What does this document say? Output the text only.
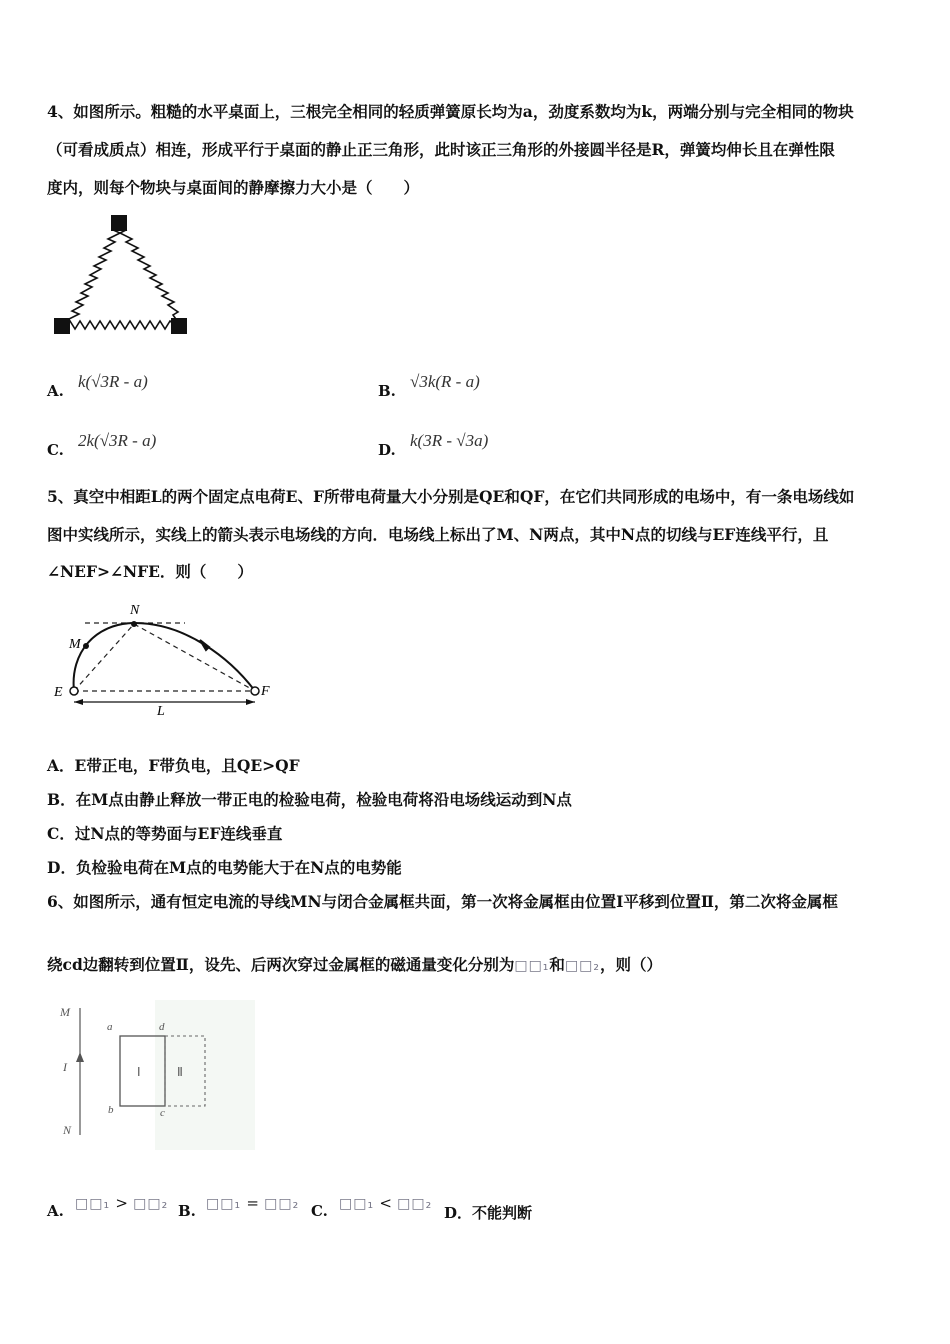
4、如图所示。粗糙的水平桌面上，三根完全相同的轻质弹簧原长均为a，劲度系数均为k，两端分别与完全相同的物块
（可看成质点）相连，形成平行于桌面的静止正三角形，此时该正三角形的外接圆半径是R，弹簧均伸长且在弹性限
度内，则每个物块与桌面间的静摩擦力大小是（　　）
A. k(√3R - a)	B. √3k(R - a)
C. 2k(√3R - a)	D. k(3R - √3a)
5、真空中相距L的两个固定点电荷E、F所带电荷量大小分别是QE和QF，在它们共同形成的电场中，有一条电场线如
图中实线所示，实线上的箭头表示电场线的方向．电场线上标出了M、N两点，其中N点的切线与EF连线平行，且
∠NEF>∠NFE．则（　　）
N
M
E	F
L
A．E带正电，F带负电，且QE>QF
B．在M点由静止释放一带正电的检验电荷，检验电荷将沿电场线运动到N点
C．过N点的等势面与EF连线垂直
D．负检验电荷在M点的电势能大于在N点的电势能
6、如图所示，通有恒定电流的导线MN与闭合金属框共面，第一次将金属框由位置Ⅰ平移到位置Ⅱ，第二次将金属框
绕cd边翻转到位置Ⅱ，设先、后两次穿过金属框的磁通量变化分别为□□₁和□□₂，则（）
M
I
N
a	d
b	c
Ⅰ	Ⅱ
A. □□₁ > □□₂ B. □□₁ = □□₂ C. □□₁ < □□₂ D．不能判断
